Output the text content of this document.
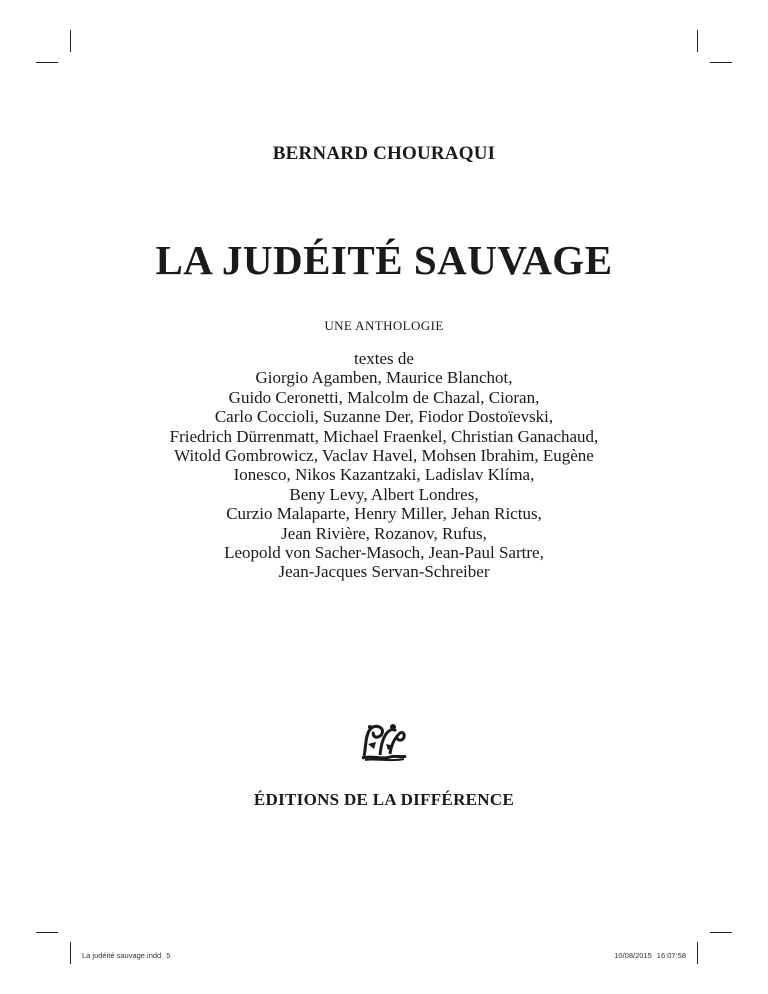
BERNARD CHOURAQUI
LA JUDÉITÉ SAUVAGE
UNE ANTHOLOGIE
textes de
Giorgio Agamben, Maurice Blanchot,
Guido Ceronetti, Malcolm de Chazal, Cioran,
Carlo Coccioli, Suzanne Der, Fiodor Dostoïevski,
Friedrich Dürrenmatt, Michael Fraenkel, Christian Ganachaud,
Witold Gombrowicz, Vaclav Havel, Mohsen Ibrahim, Eugène
Ionesco, Nikos Kazantzaki, Ladislav Klíma,
Beny Levy, Albert Londres,
Curzio Malaparte, Henry Miller, Jehan Rictus,
Jean Rivière, Rozanov, Rufus,
Leopold von Sacher-Masoch, Jean-Paul Sartre,
Jean-Jacques Servan-Schreiber
ÉDITIONS DE LA DIFFÉRENCE
La judéité sauvage.indd 5	10/08/2015 16:07:58
